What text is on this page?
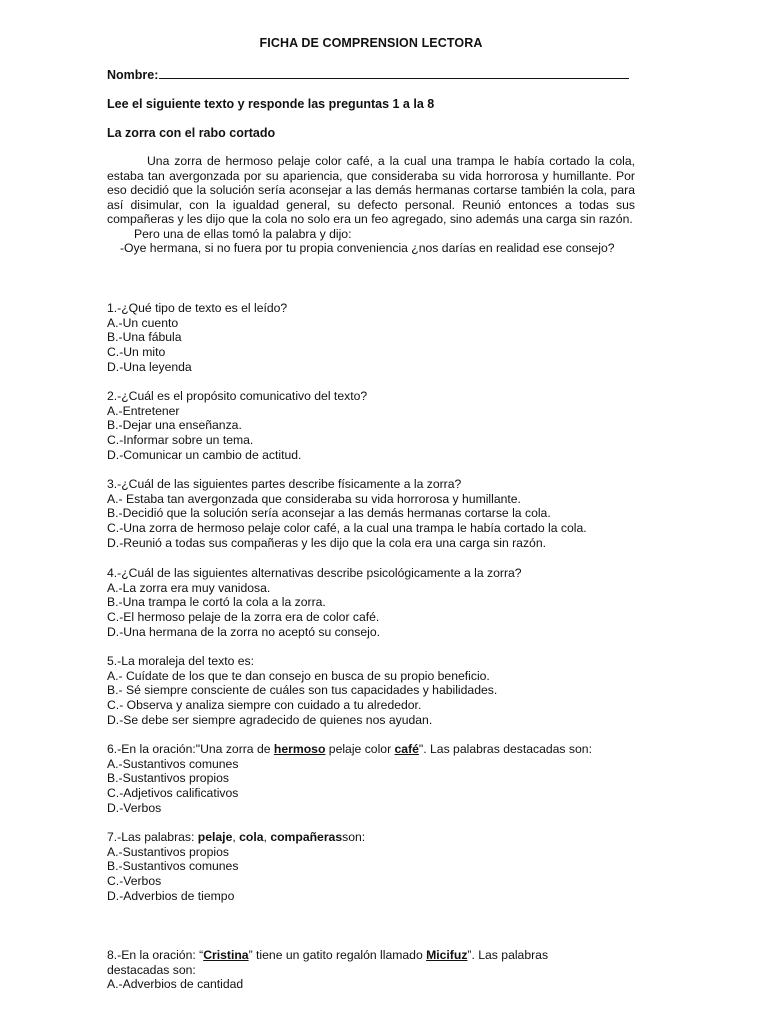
FICHA DE COMPRENSION LECTORA
Nombre:
Lee el siguiente texto y responde las preguntas 1 a la 8
La zorra con el rabo cortado

Una zorra de hermoso pelaje color café, a la cual una trampa le había cortado la cola, estaba tan avergonzada por su apariencia, que consideraba su vida horrorosa y humillante. Por eso decidió que la solución sería aconsejar a las demás hermanas cortarse también la cola, para así disimular, con la igualdad general, su defecto personal. Reunió entonces a todas sus compañeras y les dijo que la cola no solo era un feo agregado, sino además una carga sin razón.

Pero una de ellas tomó la palabra y dijo:

-Oye hermana, si no fuera por tu propia conveniencia ¿nos darías en realidad ese consejo?

1.-¿Qué tipo de texto es el leído?
A.-Un cuento
B.-Una fábula
C.-Un mito
D.-Una leyenda
2.-¿Cuál es el propósito comunicativo del texto?
A.-Entretener
B.-Dejar una enseñanza.
C.-Informar sobre un tema.
D.-Comunicar un cambio de actitud.
3.-¿Cuál de las siguientes partes describe físicamente a la zorra?
A.- Estaba tan avergonzada que consideraba su vida horrorosa y humillante.
B.-Decidió que la solución sería aconsejar a las demás hermanas cortarse la cola.
C.-Una zorra de hermoso pelaje color café, a la cual una trampa le había cortado la cola.
D.-Reunió a todas sus compañeras y les dijo que la cola era una carga sin razón.
4.-¿Cuál de las siguientes alternativas describe psicológicamente a la zorra?
A.-La zorra era muy vanidosa.
B.-Una trampa le cortó la cola a la zorra.
C.-El hermoso pelaje de la zorra era de color café.
D.-Una hermana de la zorra no aceptó su consejo.
5.-La moraleja del texto es:
A.- Cuídate de los que te dan consejo en busca de su propio beneficio.
B.- Sé siempre consciente de cuáles son tus capacidades y habilidades.
C.- Observa y analiza siempre con cuidado a tu alrededor.
D.-Se debe ser siempre agradecido de quienes nos ayudan.
6.-En la oración:"Una zorra de hermoso pelaje color café". Las palabras destacadas son:
A.-Sustantivos comunes
B.-Sustantivos propios
C.-Adjetivos calificativos
D.-Verbos
7.-Las palabras: pelaje, cola, compañerasson:
A.-Sustantivos propios
B.-Sustantivos comunes
C.-Verbos
D.-Adverbios de tiempo
8.-En la oración: “Cristina” tiene un gatito regalón llamado Micifuz”. Las palabras
destacadas son:
A.-Adverbios de cantidad
